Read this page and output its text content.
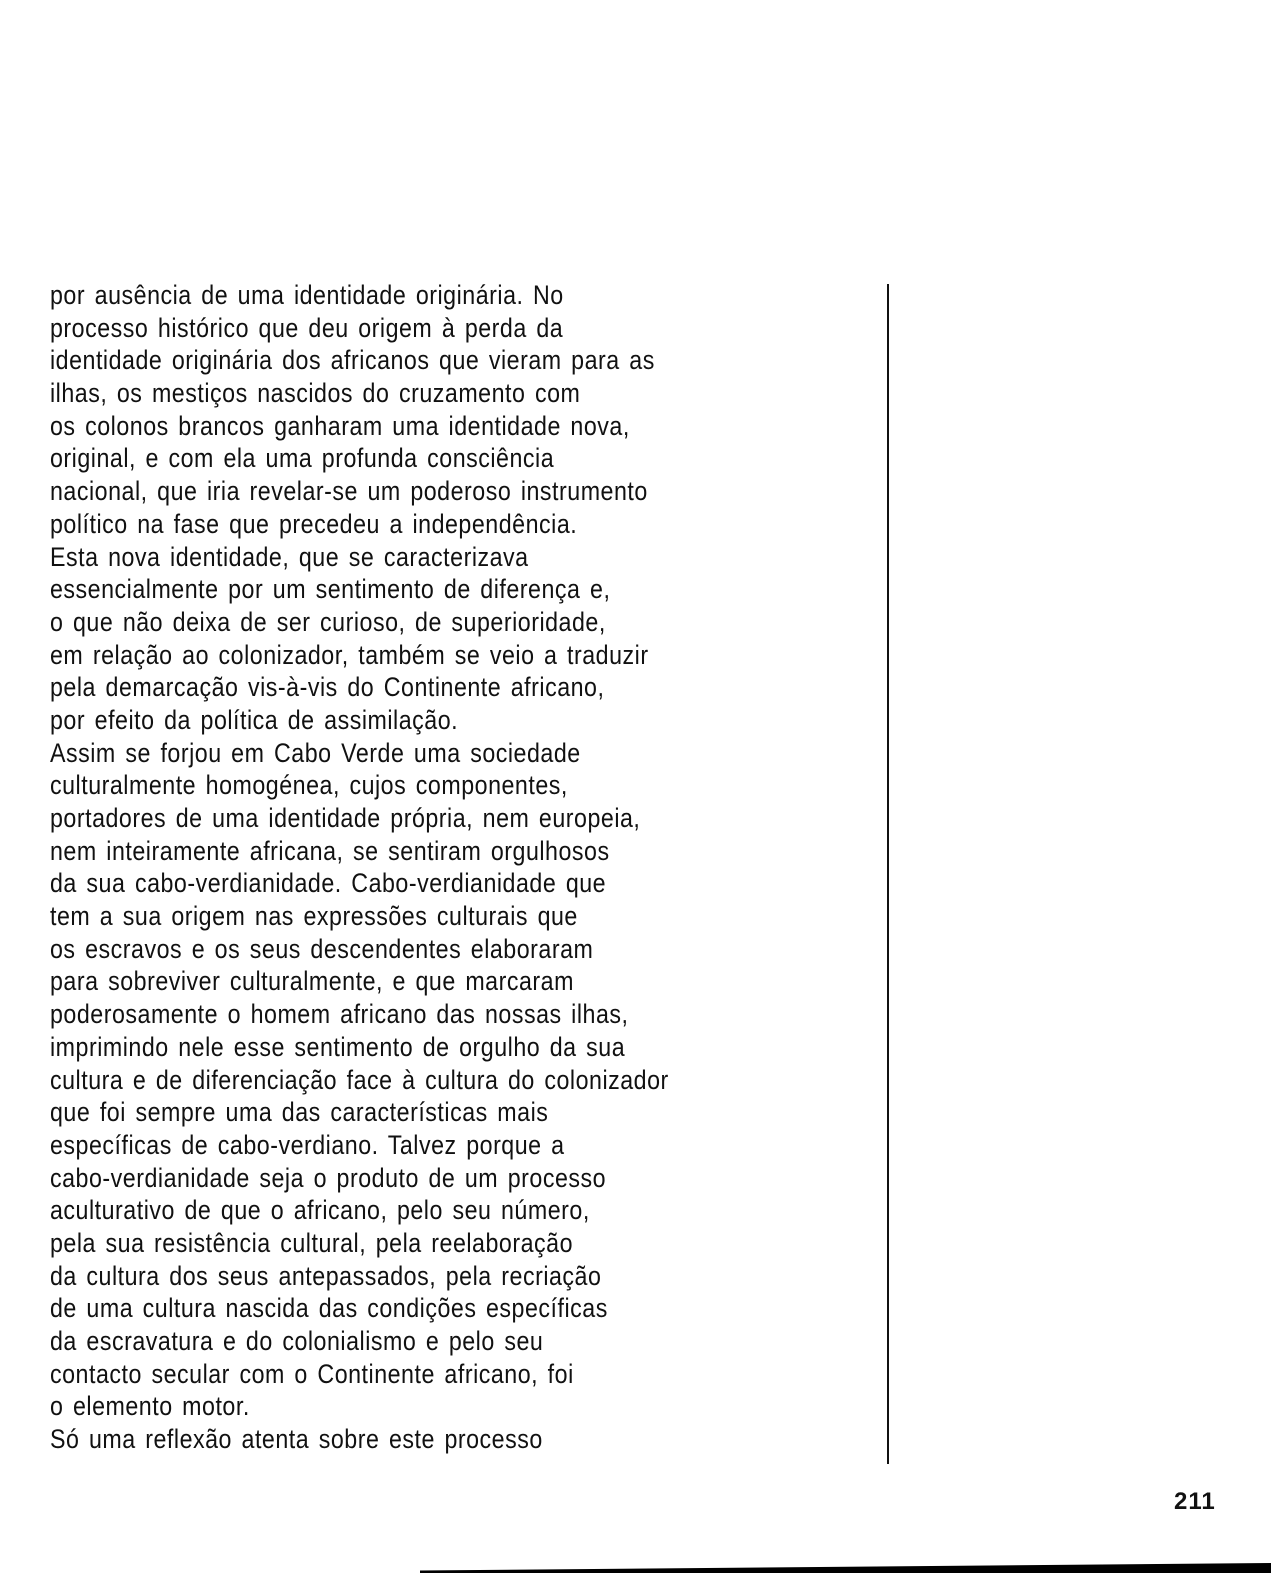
por ausência de uma identidade originária. No
processo histórico que deu origem à perda da
identidade originária dos africanos que vieram para as
ilhas, os mestiços nascidos do cruzamento com
os colonos brancos ganharam uma identidade nova,
original, e com ela uma profunda consciência
nacional, que iria revelar-se um poderoso instrumento
político na fase que precedeu a independência.
Esta nova identidade, que se caracterizava
essencialmente por um sentimento de diferença e,
o que não deixa de ser curioso, de superioridade,
em relação ao colonizador, também se veio a traduzir
pela demarcação vis-à-vis do Continente africano,
por efeito da política de assimilação.
Assim se forjou em Cabo Verde uma sociedade
culturalmente homogénea, cujos componentes,
portadores de uma identidade própria, nem europeia,
nem inteiramente africana, se sentiram orgulhosos
da sua cabo-verdianidade. Cabo-verdianidade que
tem a sua origem nas expressões culturais que
os escravos e os seus descendentes elaboraram
para sobreviver culturalmente, e que marcaram
poderosamente o homem africano das nossas ilhas,
imprimindo nele esse sentimento de orgulho da sua
cultura e de diferenciação face à cultura do colonizador
que foi sempre uma das características mais
específicas de cabo-verdiano. Talvez porque a
cabo-verdianidade seja o produto de um processo
aculturativo de que o africano, pelo seu número,
pela sua resistência cultural, pela reelaboração
da cultura dos seus antepassados, pela recriação
de uma cultura nascida das condições específicas
da escravatura e do colonialismo e pelo seu
contacto secular com o Continente africano, foi
o elemento motor.
Só uma reflexão atenta sobre este processo
211
